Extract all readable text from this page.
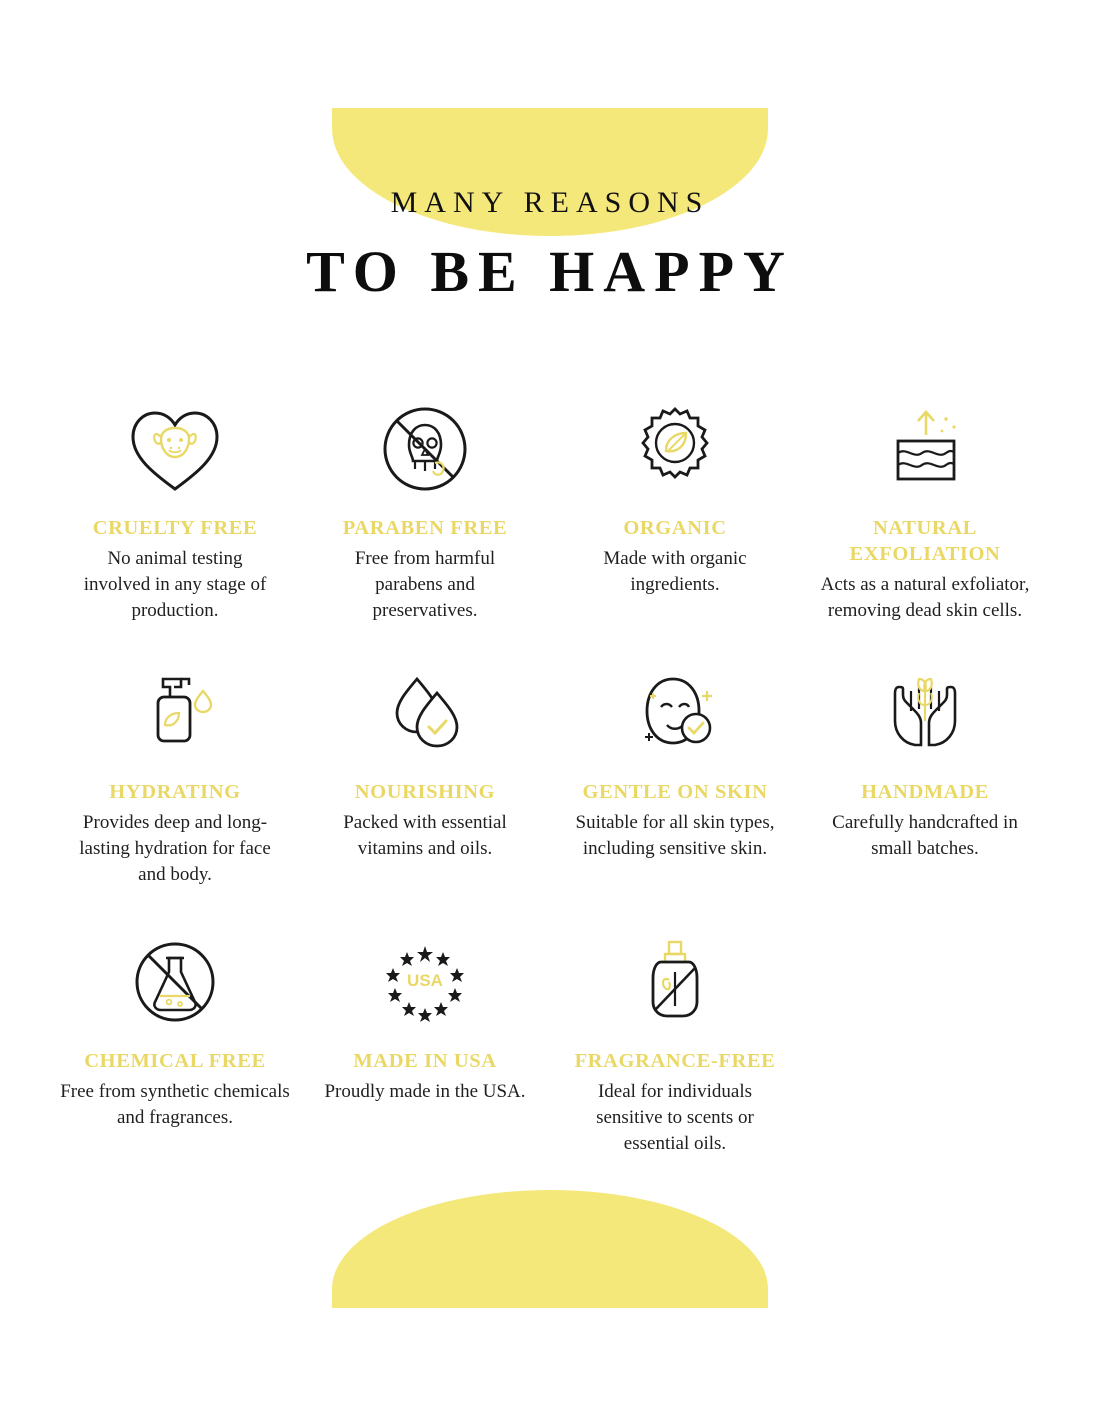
MANY REASONS
TO BE HAPPY
CRUELTY FREE
No animal testing involved in any stage of production.
PARABEN FREE
Free from harmful parabens and preservatives.
ORGANIC
Made with organic ingredients.
NATURAL EXFOLIATION
Acts as a natural exfoliator, removing dead skin cells.
HYDRATING
Provides deep and long-lasting hydration for face and body.
NOURISHING
Packed with essential vitamins and oils.
GENTLE ON SKIN
Suitable for all skin types, including sensitive skin.
HANDMADE
Carefully handcrafted in small batches.
CHEMICAL FREE
Free from synthetic chemicals and fragrances.
USA
MADE IN USA
Proudly made in the USA.
FRAGRANCE-FREE
Ideal for individuals sensitive to scents or essential oils.
